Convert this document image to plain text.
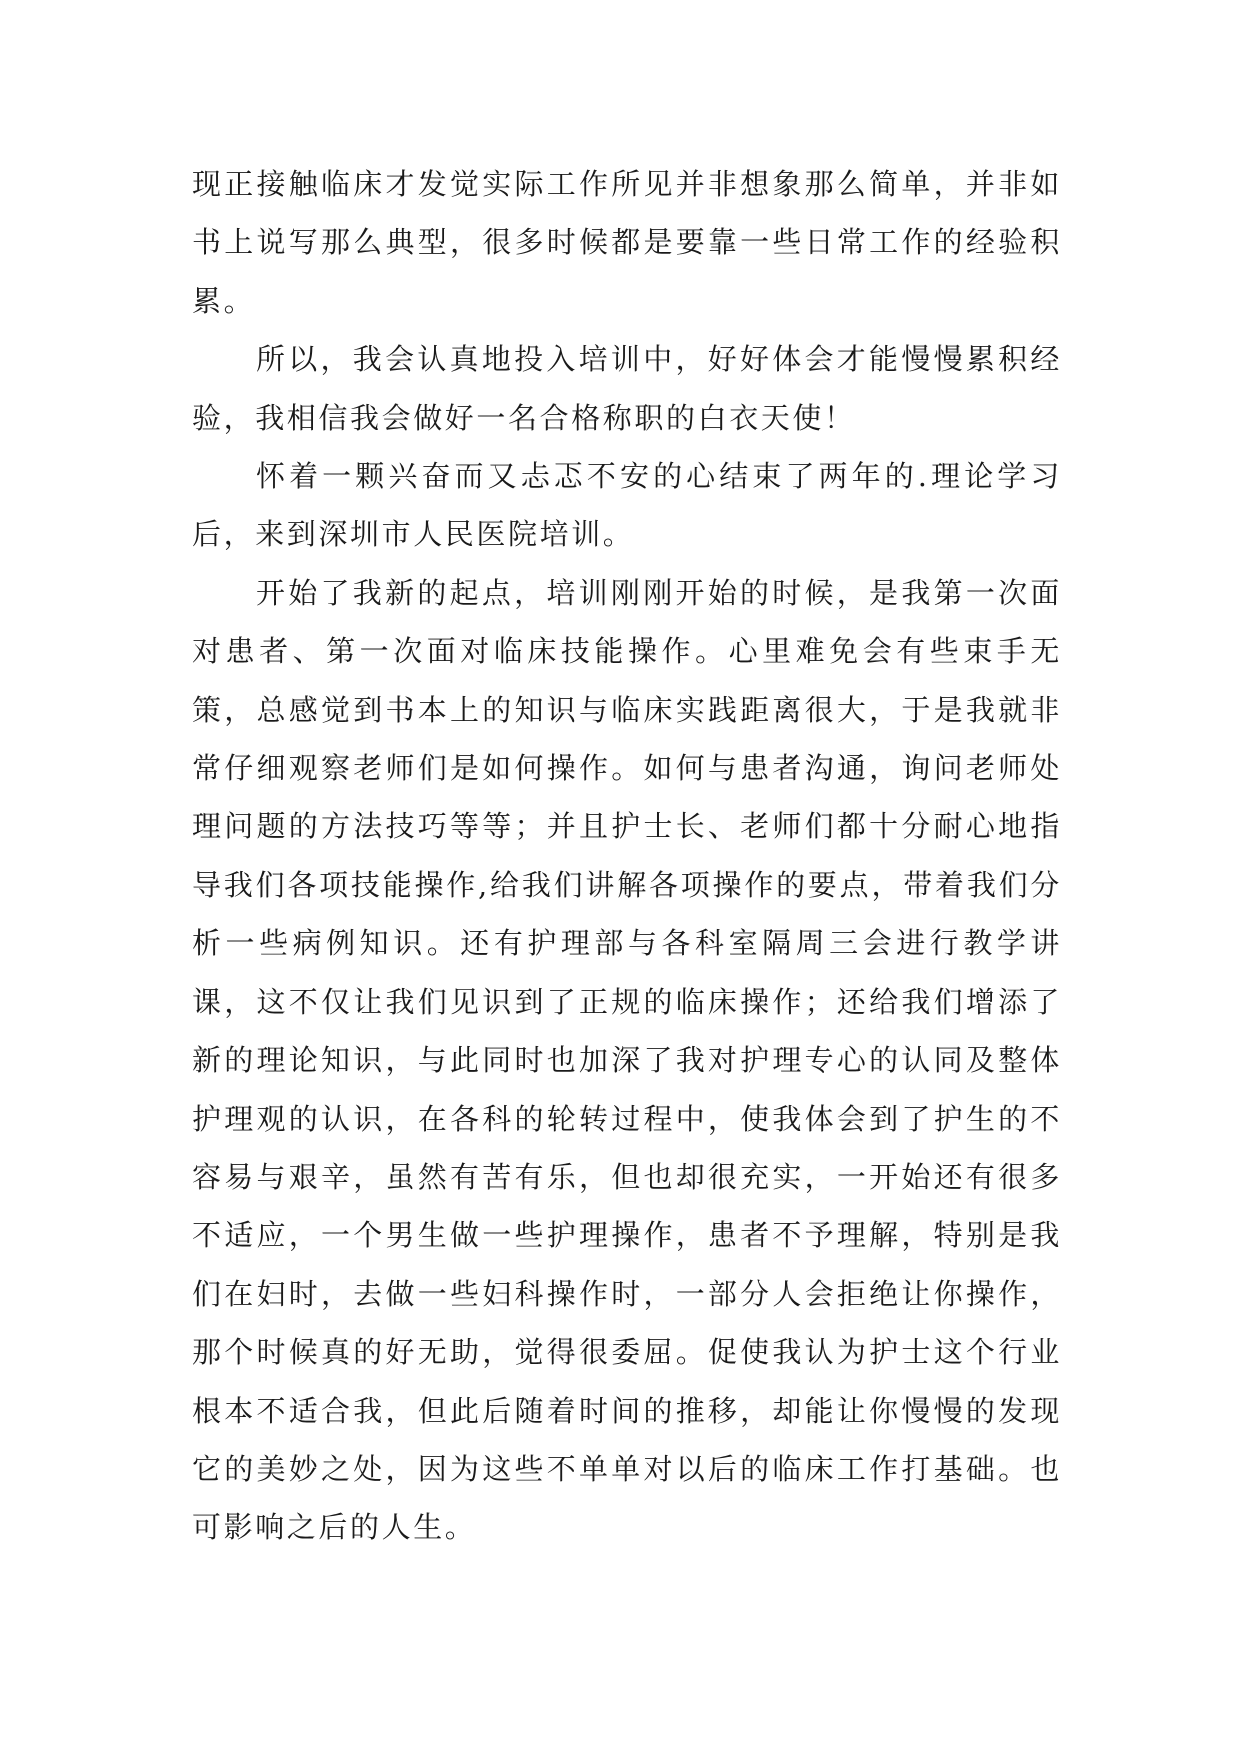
现正接触临床才发觉实际工作所见并非想象那么简单，并非如书上说写那么典型，很多时候都是要靠一些日常工作的经验积累。

所以，我会认真地投入培训中，好好体会才能慢慢累积经验，我相信我会做好一名合格称职的白衣天使！

怀着一颗兴奋而又忐忑不安的心结束了两年的.理论学习后，来到深圳市人民医院培训。

开始了我新的起点，培训刚刚开始的时候，是我第一次面对患者、第一次面对临床技能操作。心里难免会有些束手无策，总感觉到书本上的知识与临床实践距离很大，于是我就非常仔细观察老师们是如何操作。如何与患者沟通，询问老师处理问题的方法技巧等等；并且护士长、老师们都十分耐心地指导我们各项技能操作,给我们讲解各项操作的要点，带着我们分析一些病例知识。还有护理部与各科室隔周三会进行教学讲课，这不仅让我们见识到了正规的临床操作；还给我们增添了新的理论知识，与此同时也加深了我对护理专心的认同及整体护理观的认识，在各科的轮转过程中，使我体会到了护生的不容易与艰辛，虽然有苦有乐，但也却很充实，一开始还有很多不适应，一个男生做一些护理操作，患者不予理解，特别是我们在妇时，去做一些妇科操作时，一部分人会拒绝让你操作，那个时候真的好无助，觉得很委屈。促使我认为护士这个行业根本不适合我，但此后随着时间的推移，却能让你慢慢的发现它的美妙之处，因为这些不单单对以后的临床工作打基础。也可影响之后的人生。
